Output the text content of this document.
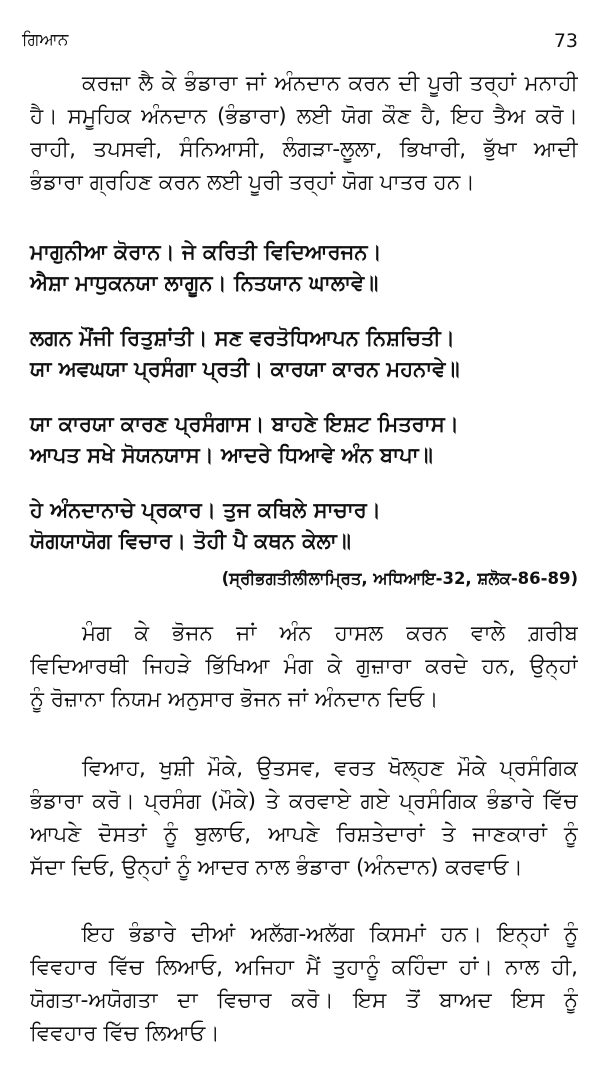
ਗਿਆਨ	73
ਕਰਜ਼ਾ ਲੈ ਕੇ ਭੰਡਾਰਾ ਜਾਂ ਅੰਨਦਾਨ ਕਰਨ ਦੀ ਪੂਰੀ ਤਰ੍ਹਾਂ ਮਨਾਹੀ
ਹੈ। ਸਮੂਹਿਕ ਅੰਨਦਾਨ (ਭੰਡਾਰਾ) ਲਈ ਯੋਗ ਕੌਣ ਹੈ, ਇਹ ਤੈਅ ਕਰੋ।
ਰਾਹੀ, ਤਪਸਵੀ, ਸੰਨਿਆਸੀ, ਲੰਗੜਾ-ਲੂਲਾ, ਭਿਖਾਰੀ, ਭੁੱਖਾ ਆਦੀ
ਭੰਡਾਰਾ ਗ੍ਰਹਿਣ ਕਰਨ ਲਈ ਪੂਰੀ ਤਰ੍ਹਾਂ ਯੋਗ ਪਾਤਰ ਹਨ।
ਮਾਗੁਨੀਆ ਕੋਰਾਨ। ਜੇ ਕਰਿਤੀ ਵਿਦਿਆਰਜਨ।
ਐਸ਼ਾ ਮਾਧੁਕਨਯਾ ਲਾਗੂਨ। ਨਿਤਯਾਨ ਘਾਲਾਵੇ॥
ਲਗਨ ਮੌਂਜੀ ਰਿਤੁਸ਼ਾਂਤੀ। ਸਣ ਵਰਤੋਧਿਆਪਨ ਨਿਸ਼ਚਿਤੀ।
ਯਾ ਅਵਘਯਾ ਪ੍ਰਸੰਗਾ ਪ੍ਰਤੀ। ਕਾਰਯਾ ਕਾਰਨ ਮਹਨਾਵੇ॥
ਯਾ ਕਾਰਯਾ ਕਾਰਣ ਪ੍ਰਸੰਗਾਸ। ਬਾਹਣੇ ਇਸ਼ਟ ਮਿਤਰਾਸ।
ਆਪਤ ਸਖੇ ਸੋਯਨਯਾਸ। ਆਦਰੇ ਧਿਆਵੇ ਅੰਨ ਬਾਪਾ॥
ਹੇ ਅੰਨਦਾਨਾਚੇ ਪ੍ਰਕਾਰ। ਤੁਜ ਕਥਿਲੇ ਸਾਚਾਰ।
ਯੋਗਯਾਯੋਗ ਵਿਚਾਰ। ਤੋਹੀ ਪੈ ਕਥਨ ਕੇਲਾ॥
(ਸ੍ਰੀਭਗਤੀਲੀਲਾਮ੍ਰਿਤ, ਅਧਿਆਇ-32, ਸ਼ਲੋਕ-86-89)
ਮੰਗ ਕੇ ਭੋਜਨ ਜਾਂ ਅੰਨ ਹਾਸਲ ਕਰਨ ਵਾਲੇ ਗ਼ਰੀਬ
ਵਿਦਿਆਰਥੀ ਜਿਹੜੇ ਭਿੱਖਿਆ ਮੰਗ ਕੇ ਗੁਜ਼ਾਰਾ ਕਰਦੇ ਹਨ, ਉਨ੍ਹਾਂ
ਨੂੰ ਰੋਜ਼ਾਨਾ ਨਿਯਮ ਅਨੁਸਾਰ ਭੋਜਨ ਜਾਂ ਅੰਨਦਾਨ ਦਿਓ।
ਵਿਆਹ, ਖੁਸ਼ੀ ਮੌਕੇ, ਉਤਸਵ, ਵਰਤ ਖੋਲ੍ਹਣ ਮੌਕੇ ਪ੍ਰਸੰਗਿਕ
ਭੰਡਾਰਾ ਕਰੋ। ਪ੍ਰਸੰਗ (ਮੌਕੇ) ਤੇ ਕਰਵਾਏ ਗਏ ਪ੍ਰਸੰਗਿਕ ਭੰਡਾਰੇ ਵਿੱਚ
ਆਪਣੇ ਦੋਸਤਾਂ ਨੂੰ ਬੁਲਾਓ, ਆਪਣੇ ਰਿਸ਼ਤੇਦਾਰਾਂ ਤੇ ਜਾਣਕਾਰਾਂ ਨੂੰ
ਸੱਦਾ ਦਿਓ, ਉਨ੍ਹਾਂ ਨੂੰ ਆਦਰ ਨਾਲ ਭੰਡਾਰਾ (ਅੰਨਦਾਨ) ਕਰਵਾਓ।
ਇਹ ਭੰਡਾਰੇ ਦੀਆਂ ਅਲੱਗ-ਅਲੱਗ ਕਿਸਮਾਂ ਹਨ। ਇਨ੍ਹਾਂ ਨੂੰ
ਵਿਵਹਾਰ ਵਿੱਚ ਲਿਆਓ, ਅਜਿਹਾ ਮੈਂ ਤੁਹਾਨੂੰ ਕਹਿੰਦਾ ਹਾਂ। ਨਾਲ ਹੀ,
ਯੋਗਤਾ-ਅਯੋਗਤਾ ਦਾ ਵਿਚਾਰ ਕਰੋ। ਇਸ ਤੋਂ ਬਾਅਦ ਇਸ ਨੂੰ
ਵਿਵਹਾਰ ਵਿੱਚ ਲਿਆਓ।
